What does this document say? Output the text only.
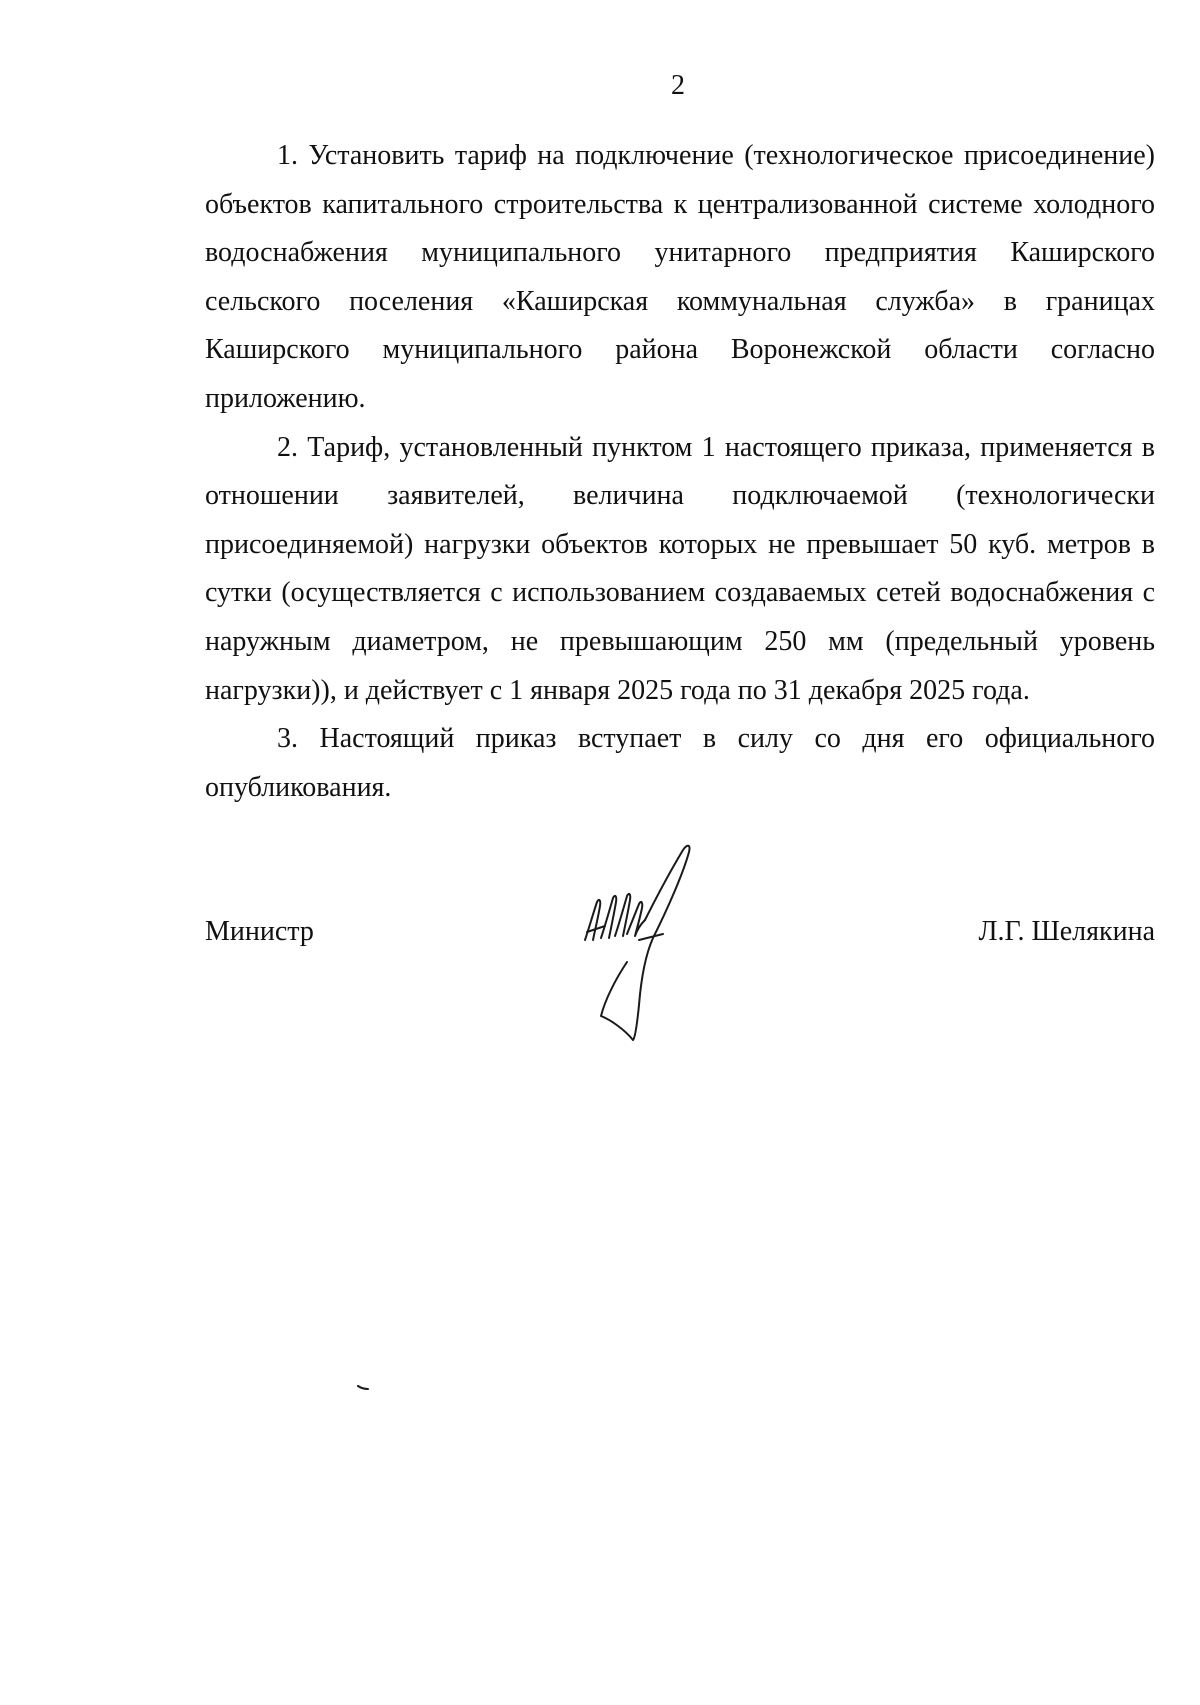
2

1. Установить тариф на подключение (технологическое присоединение) объектов капитального строительства к централизованной системе холодного водоснабжения муниципального унитарного предприятия Каширского сельского поселения «Каширская коммунальная служба» в границах Каширского муниципального района Воронежской области согласно приложению.

2. Тариф, установленный пунктом 1 настоящего приказа, применяется в отношении заявителей, величина подключаемой (технологически присоединяемой) нагрузки объектов которых не превышает 50 куб. метров в сутки (осуществляется с использованием создаваемых сетей водоснабжения с наружным диаметром, не превышающим 250 мм (предельный уровень нагрузки)), и действует с 1 января 2025 года по 31 декабря 2025 года.

3. Настоящий приказ вступает в силу со дня его официального опубликования.

Министр	Л.Г. Шелякина
